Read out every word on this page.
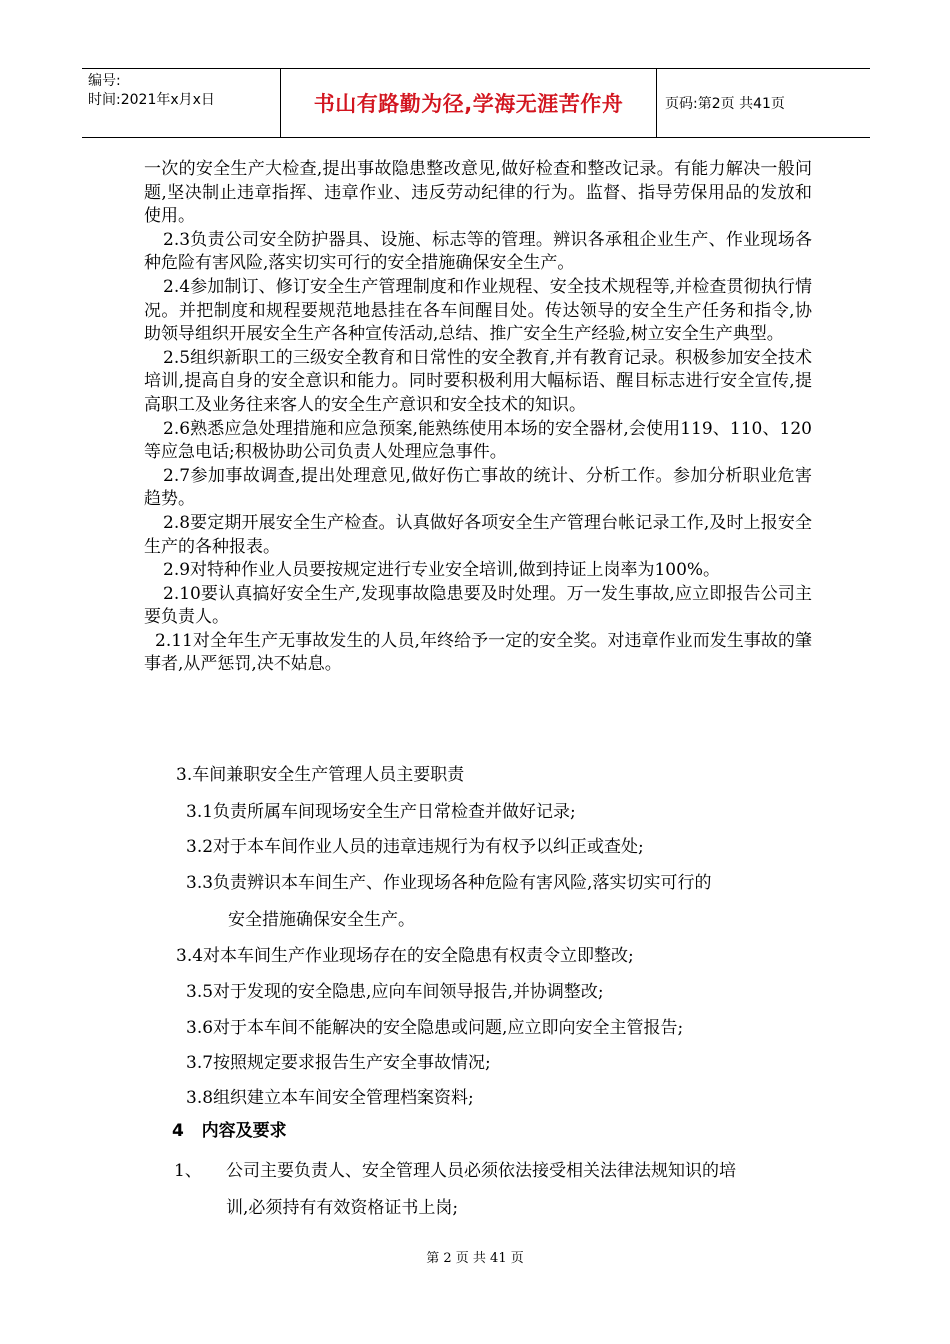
编号:
时间:2021年x月x日	书山有路勤为径,学海无涯苦作舟	页码:第2页 共41页

一次的安全生产大检查,提出事故隐患整改意见,做好检查和整改记录。有能力解决一般问题,坚决制止违章指挥、违章作业、违反劳动纪律的行为。监督、指导劳保用品的发放和使用。

2.3负责公司安全防护器具、设施、标志等的管理。辨识各承租企业生产、作业现场各种危险有害风险,落实切实可行的安全措施确保安全生产。

2.4参加制订、修订安全生产管理制度和作业规程、安全技术规程等,并检查贯彻执行情况。并把制度和规程要规范地悬挂在各车间醒目处。传达领导的安全生产任务和指令,协助领导组织开展安全生产各种宣传活动,总结、推广安全生产经验,树立安全生产典型。

2.5组织新职工的三级安全教育和日常性的安全教育,并有教育记录。积极参加安全技术培训,提高自身的安全意识和能力。同时要积极利用大幅标语、醒目标志进行安全宣传,提高职工及业务往来客人的安全生产意识和安全技术的知识。

2.6熟悉应急处理措施和应急预案,能熟练使用本场的安全器材,会使用119、110、120等应急电话;积极协助公司负责人处理应急事件。

2.7参加事故调查,提出处理意见,做好伤亡事故的统计、分析工作。参加分析职业危害趋势。

2.8要定期开展安全生产检查。认真做好各项安全生产管理台帐记录工作,及时上报安全生产的各种报表。

2.9对特种作业人员要按规定进行专业安全培训,做到持证上岗率为100%。

2.10要认真搞好安全生产,发现事故隐患要及时处理。万一发生事故,应立即报告公司主要负责人。

2.11对全年生产无事故发生的人员,年终给予一定的安全奖。对违章作业而发生事故的肇事者,从严惩罚,决不姑息。

3.车间兼职安全生产管理人员主要职责
3.1负责所属车间现场安全生产日常检查并做好记录;
3.2对于本车间作业人员的违章违规行为有权予以纠正或查处;
3.3负责辨识本车间生产、作业现场各种危险有害风险,落实切实可行的
安全措施确保安全生产。
3.4对本车间生产作业现场存在的安全隐患有权责令立即整改;
3.5对于发现的安全隐患,应向车间领导报告,并协调整改;
3.6对于本车间不能解决的安全隐患或问题,应立即向安全主管报告;
3.7按照规定要求报告生产安全事故情况;
3.8组织建立本车间安全管理档案资料;
4   内容及要求
1、 公司主要负责人、安全管理人员必须依法接受相关法律法规知识的培
训,必须持有有效资格证书上岗;
第 2 页 共 41 页
